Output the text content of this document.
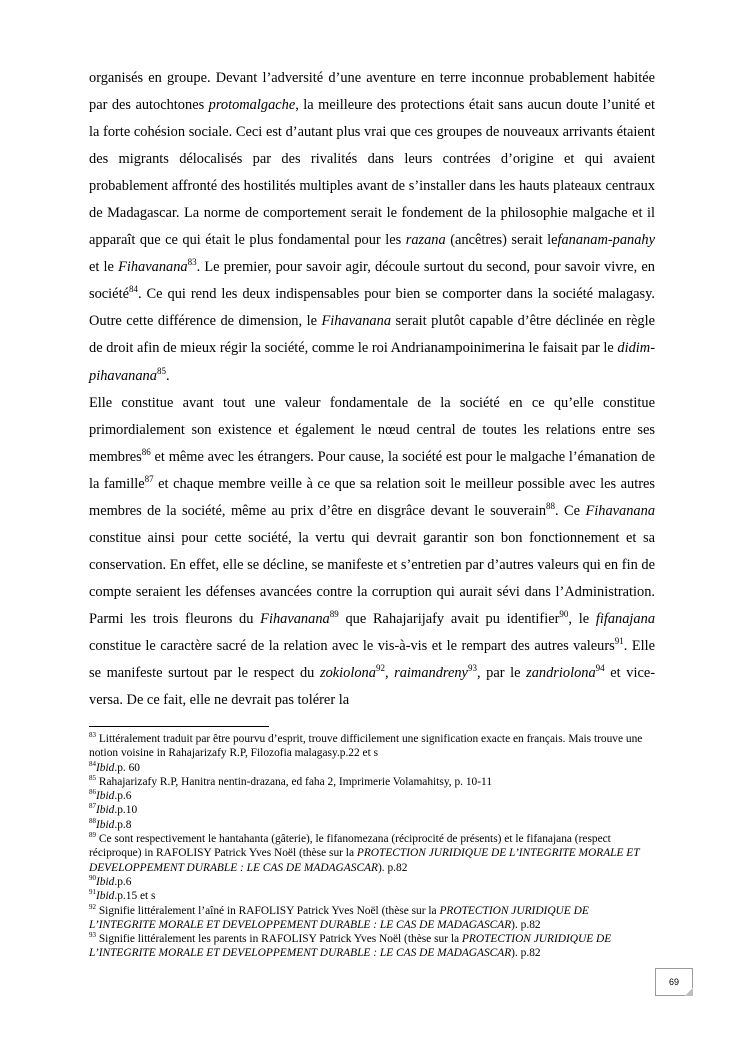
organisés en groupe. Devant l’adversité d’une aventure en terre inconnue probablement habitée par des autochtones protomalgache, la meilleure des protections était sans aucun doute l’unité et la forte cohésion sociale. Ceci est d’autant plus vrai que ces groupes de nouveaux arrivants étaient des migrants délocalisés par des rivalités dans leurs contrées d’origine et qui avaient probablement affronté des hostilités multiples avant de s’installer dans les hauts plateaux centraux de Madagascar. La norme de comportement serait le fondement de la philosophie malgache et il apparaît que ce qui était le plus fondamental pour les razana (ancêtres) serait lefananam-panahy et le Fihavanana$^{83}$. Le premier, pour savoir agir, découle surtout du second, pour savoir vivre, en société$^{84}$. Ce qui rend les deux indispensables pour bien se comporter dans la société malagasy. Outre cette différence de dimension, le Fihavanana serait plutôt capable d’être déclinée en règle de droit afin de mieux régir la société, comme le roi Andrianampoinimerina le faisait par le didim-pihavanana$^{85}$.

Elle constitue avant tout une valeur fondamentale de la société en ce qu’elle constitue primordialement son existence et également le nœud central de toutes les relations entre ses membres$^{86}$ et même avec les étrangers. Pour cause, la société est pour le malgache l’émanation de la famille$^{87}$ et chaque membre veille à ce que sa relation soit le meilleur possible avec les autres membres de la société, même au prix d’être en disgrâce devant le souverain$^{88}$. Ce Fihavanana constitue ainsi pour cette société, la vertu qui devrait garantir son bon fonctionnement et sa conservation. En effet, elle se décline, se manifeste et s’entretien par d’autres valeurs qui en fin de compte seraient les défenses avancées contre la corruption qui aurait sévi dans l’Administration. Parmi les trois fleurons du Fihavanana$^{89}$ que Rahajarijafy avait pu identifier$^{90}$, le fifanajana constitue le caractère sacré de la relation avec le vis-à-vis et le rempart des autres valeurs$^{91}$. Elle se manifeste surtout par le respect du zokiolona$^{92}$, raimandreny$^{93}$, par le zandriolona$^{94}$ et vice-versa. De ce fait, elle ne devrait pas tolérer la

$^{83}$ Littéralement traduit par être pourvu d’esprit, trouve difficilement une signification exacte en français. Mais trouve une notion voisine in Rahajarizafy R.P, Filozofia malagasy.p.22 et s

$^{84}$Ibid.p. 60

$^{85}$ Rahajarizafy R.P, Hanitra nentin-drazana, ed faha 2, Imprimerie Volamahitsy, p. 10-11

$^{86}$Ibid.p.6

$^{87}$Ibid.p.10

$^{88}$Ibid.p.8

$^{89}$ Ce sont respectivement le hantahanta (gâterie), le fifanomezana (réciprocité de présents) et le fifanajana (respect réciproque) in RAFOLISY Patrick Yves Noël (thèse sur la PROTECTION JURIDIQUE DE L’INTEGRITE MORALE ET DEVELOPPEMENT DURABLE : LE CAS DE MADAGASCAR). p.82

$^{90}$Ibid.p.6

$^{91}$Ibid.p.15 et s

$^{92}$ Signifie littéralement l’aîné in RAFOLISY Patrick Yves Noël (thèse sur la PROTECTION JURIDIQUE DE L’INTEGRITE MORALE ET DEVELOPPEMENT DURABLE : LE CAS DE MADAGASCAR). p.82

$^{93}$ Signifie littéralement les parents in RAFOLISY Patrick Yves Noël (thèse sur la PROTECTION JURIDIQUE DE L’INTEGRITE MORALE ET DEVELOPPEMENT DURABLE : LE CAS DE MADAGASCAR). p.82

69
